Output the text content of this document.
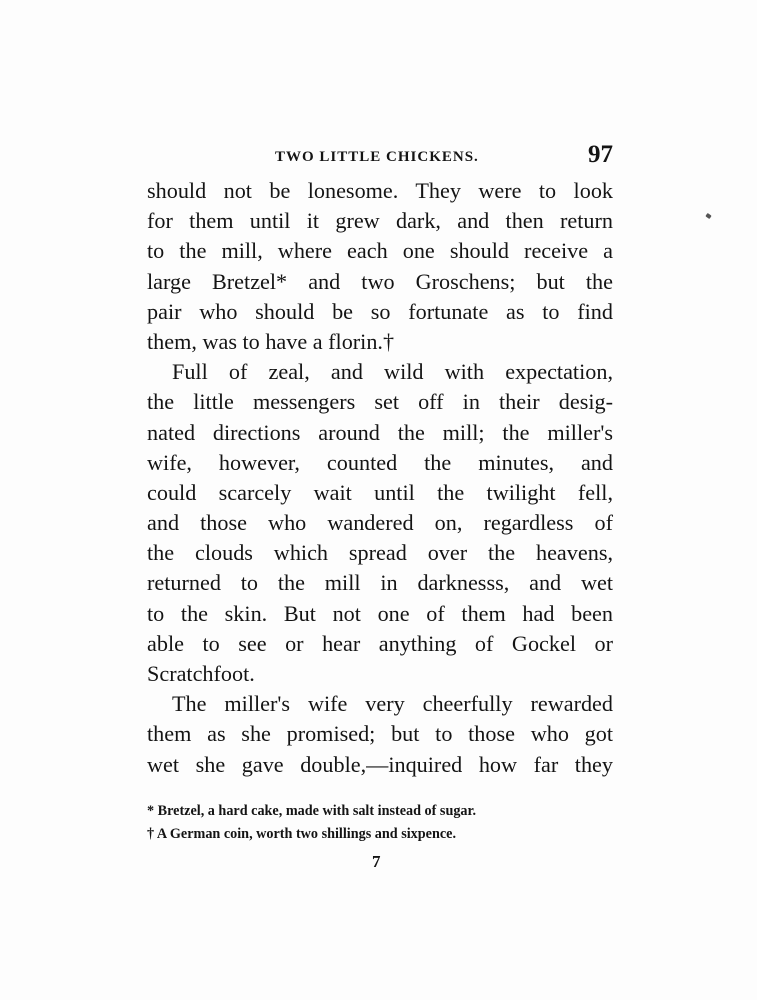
TWO LITTLE CHICKENS.	97
should not be lonesome. They were to look
for them until it grew dark, and then return
to the mill, where each one should receive a
large Bretzel* and two Groschens; but the
pair who should be so fortunate as to find
them, was to have a florin.†
Full of zeal, and wild with expectation,
the little messengers set off in their desig-
nated directions around the mill; the miller's
wife, however, counted the minutes, and
could scarcely wait until the twilight fell,
and those who wandered on, regardless of
the clouds which spread over the heavens,
returned to the mill in darknesss, and wet
to the skin. But not one of them had been
able to see or hear anything of Gockel or
Scratchfoot.
The miller's wife very cheerfully rewarded
them as she promised; but to those who got
wet she gave double,—inquired how far they
* Bretzel, a hard cake, made with salt instead of sugar.
† A German coin, worth two shillings and sixpence.
7
